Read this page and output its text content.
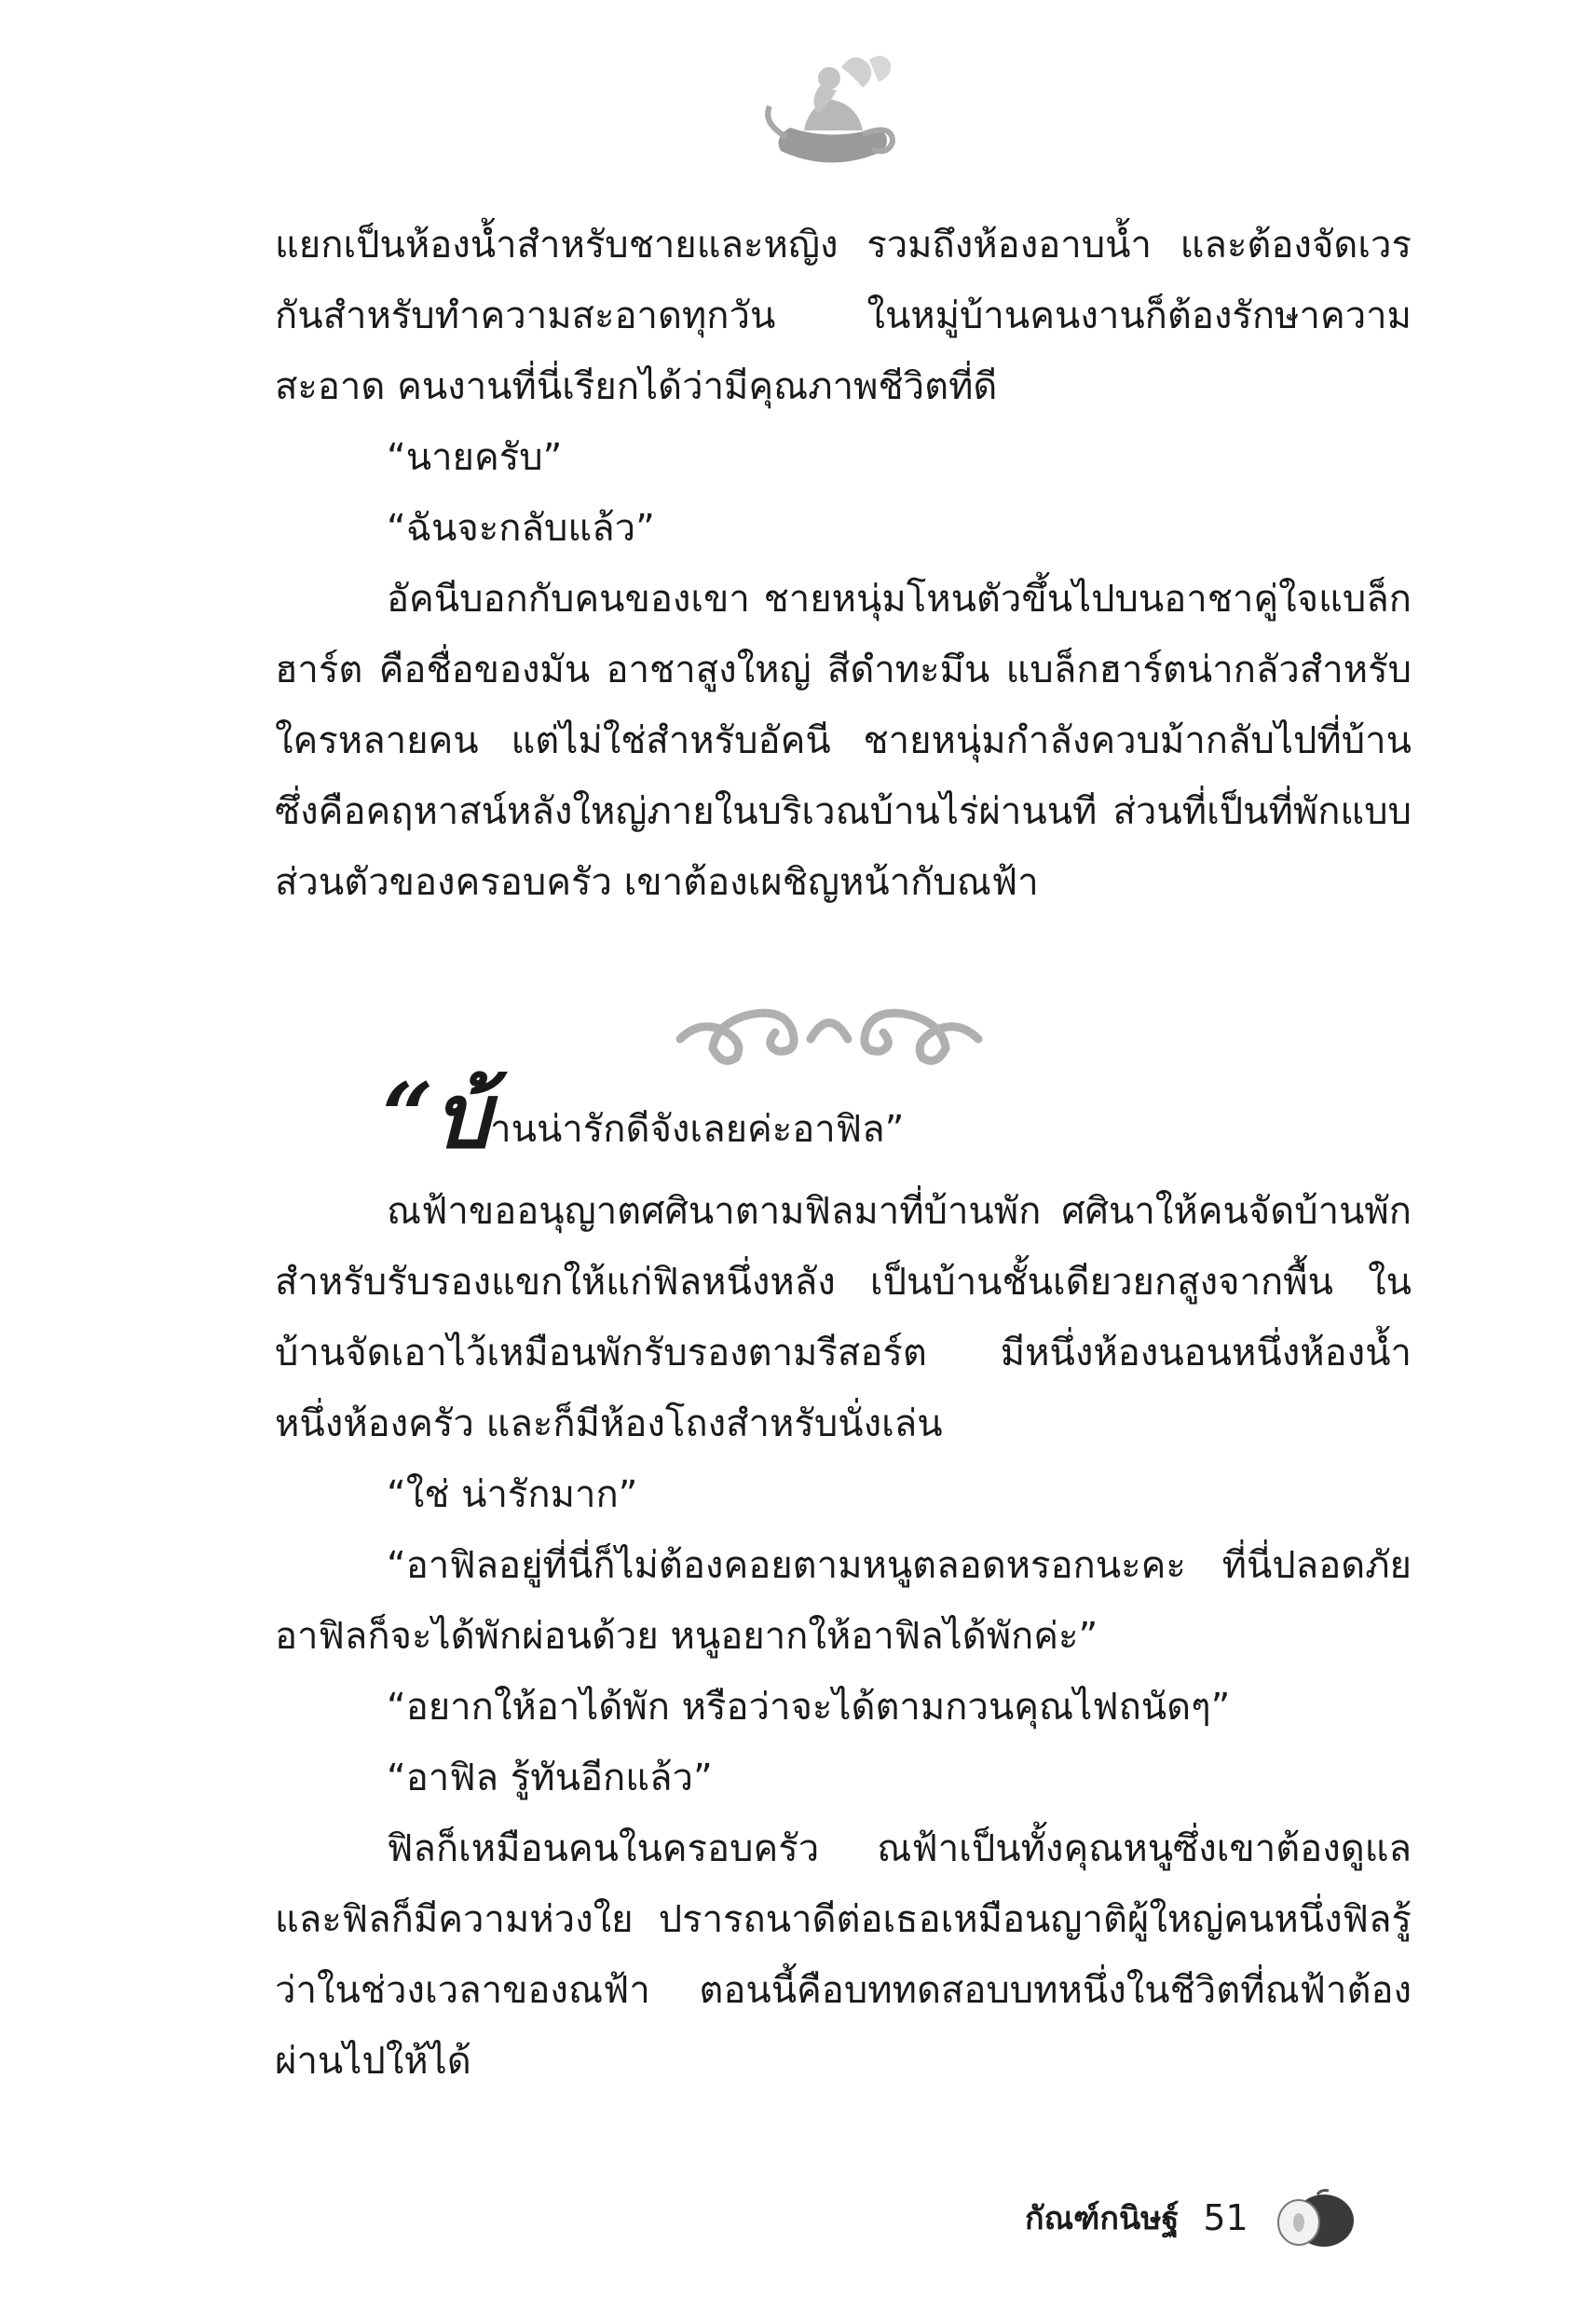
แยกเป็นห้องน้ำสำหรับชายและหญิง รวมถึงห้องอาบน้ำ และต้องจัดเวรกันสำหรับทำความสะอาดทุกวัน ในหมู่บ้านคนงานก็ต้องรักษาความสะอาด คนงานที่นี่เรียกได้ว่ามีคุณภาพชีวิตที่ดี

“นายครับ”

“ฉันจะกลับแล้ว”

อัคนีบอกกับคนของเขา ชายหนุ่มโหนตัวขึ้นไปบนอาชาคู่ใจแบล็กฮาร์ต คือชื่อของมัน อาชาสูงใหญ่ สีดำทะมึน แบล็กฮาร์ตน่ากลัวสำหรับใครหลายคน แต่ไม่ใช่สำหรับอัคนี ชายหนุ่มกำลังควบม้ากลับไปที่บ้าน ซึ่งคือคฤหาสน์หลังใหญ่ภายในบริเวณบ้านไร่ผ่านนที ส่วนที่เป็นที่พักแบบส่วนตัวของครอบครัว เขาต้องเผชิญหน้ากับณฟ้า

“บ้านน่ารักดีจังเลยค่ะอาฟิล”

ณฟ้าขออนุญาตศศินาตามฟิลมาที่บ้านพัก ศศินาให้คนจัดบ้านพักสำหรับรับรองแขกให้แก่ฟิลหนึ่งหลัง เป็นบ้านชั้นเดียวยกสูงจากพื้น ในบ้านจัดเอาไว้เหมือนพักรับรองตามรีสอร์ต มีหนึ่งห้องนอนหนึ่งห้องน้ำ หนึ่งห้องครัว และก็มีห้องโถงสำหรับนั่งเล่น

“ใช่ น่ารักมาก”

“อาฟิลอยู่ที่นี่ก็ไม่ต้องคอยตามหนูตลอดหรอกนะคะ ที่นี่ปลอดภัยอาฟิลก็จะได้พักผ่อนด้วย หนูอยากให้อาฟิลได้พักค่ะ”

“อยากให้อาได้พัก หรือว่าจะได้ตามกวนคุณไฟถนัดๆ”

“อาฟิล รู้ทันอีกแล้ว”

ฟิลก็เหมือนคนในครอบครัว ณฟ้าเป็นทั้งคุณหนูซึ่งเขาต้องดูแลและฟิลก็มีความห่วงใย ปรารถนาดีต่อเธอเหมือนญาติผู้ใหญ่คนหนึ่งฟิลรู้ว่าในช่วงเวลาของณฟ้า ตอนนี้คือบททดสอบบทหนึ่งในชีวิตที่ณฟ้าต้องผ่านไปให้ได้

กัณฑ์กนิษฐ์ 51
